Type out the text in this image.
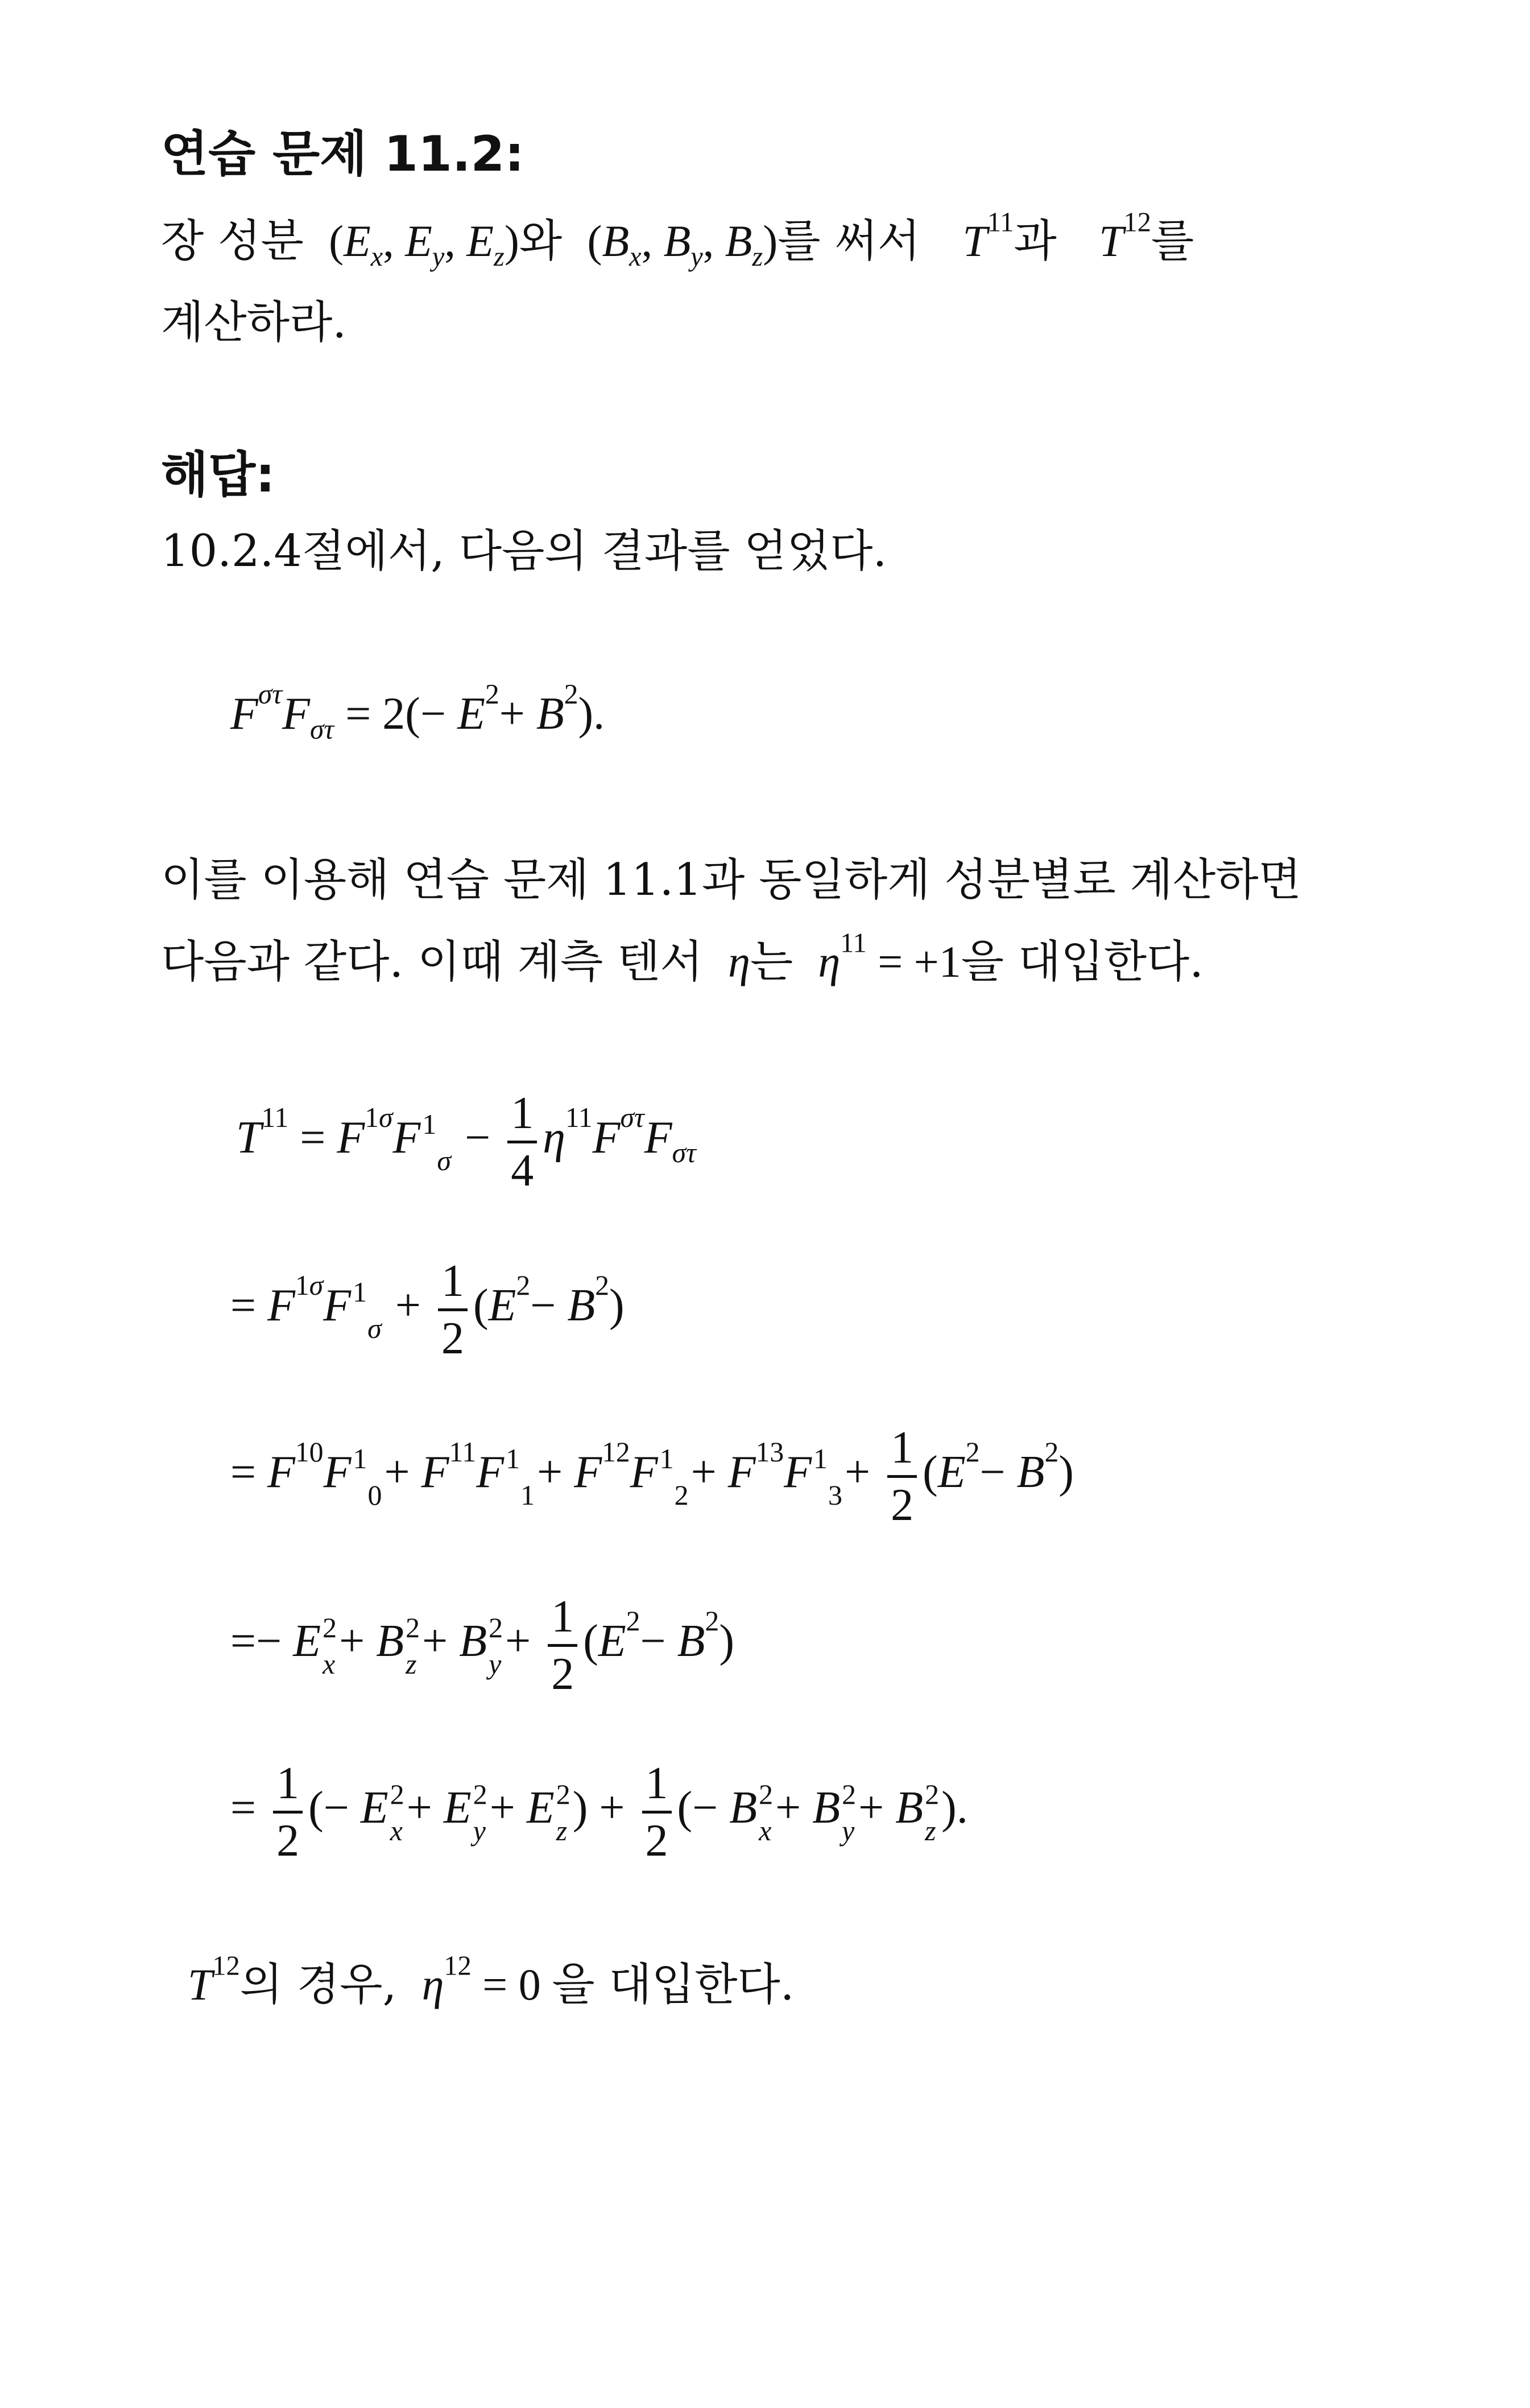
연습 문제 11.2:
장 성분  ($E_x$, $E_y$, $E_z$)와  ($B_x$, $B_y$, $B_z$)를 써서 $T^{11}$과 $T^{12}$를
계산하라.
해답:
10.2.4절에서, 다음의 결과를 얻었다.
$F^{\sigma\tau}F_{\sigma\tau} = 2(- E^2+ B^2)$.
이를 이용해 연습 문제 11.1과 동일하게 성분별로 계산하면
다음과 같다. 이때 계측 텐서  η는  $\eta^{11} = +1$을 대입한다.
$T^{11} = F^{1\sigma}F$ 1
$\sigma - \frac{1}{4} \eta^{11}F^{\sigma\tau}F_{\sigma\tau}$
= $F^{1\sigma}F$ 1
$\sigma + \frac{1}{2} (E^2- B^2)$
= $F^{10}F$ 1
$0 + F^{11}F$ 1
$1 + F^{12}F$ 1
$2 + F^{13}F$ 1
$3 + \frac{1}{2} (E^2- B^2)$
=− E 2
x + B 2
z + B 2
$y + \frac{1}{2} (E^2- B^2)$
= $\frac{1}{2}$ (− E 2
x + E 2
y + E 2
z ) + $\frac{1}{2}$ (− B 2
x + B 2
y + B 2
z ).
$T^{12}$의 경우,  $\eta^{12} = 0$ 을 대입한다.
